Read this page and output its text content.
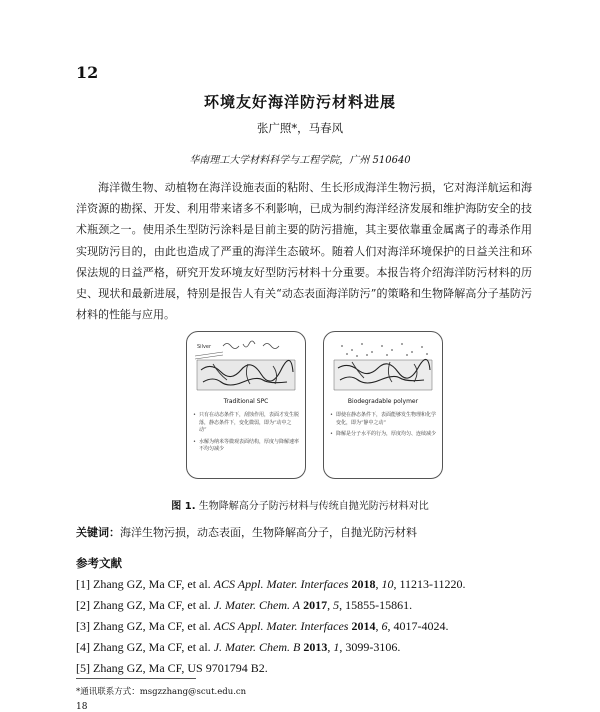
12
环境友好海洋防污材料进展
张广照*，马春风
华南理工大学材料科学与工程学院，广州 510640

海洋微生物、动植物在海洋设施表面的粘附、生长形成海洋生物污损，它对海洋航运和海洋资源的勘探、开发、利用带来诸多不利影响，已成为制约海洋经济发展和维护海防安全的技术瓶颈之一。使用杀生型防污涂料是目前主要的防污措施，其主要依靠重金属离子的毒杀作用实现防污目的，由此也造成了严重的海洋生态破坏。随着人们对海洋环境保护的日益关注和环保法规的日益严格，研究开发环境友好型防污材料十分重要。本报告将介绍海洋防污材料的历史、现状和最新进展，特别是报告人有关“动态表面海洋防污”的策略和生物降解高分子基防污材料的性能与应用。

Silver
Traditional SPC

• 只有在动态条件下，刮蚀作用，表面才发生脱落，静态条件下，变化微弱，即为“动中之动”

• 水解为纳米等微观表面结构，厚度与降解速率不均匀减少

Biodegradable polymer

• 即使在静态条件下，表面能够发生物理和化学变化，即为“静中之动”

• 降解是分子水平的行为，厚度均匀、连续减少

图 1. 生物降解高分子防污材料与传统自抛光防污材料对比
关键词：海洋生物污损，动态表面，生物降解高分子，自抛光防污材料
参考文献
[1] Zhang GZ, Ma CF, et al. ACS Appl. Mater. Interfaces 2018, 10, 11213-11220.
[2] Zhang GZ, Ma CF, et al. J. Mater. Chem. A 2017, 5, 15855-15861.
[3] Zhang GZ, Ma CF, et al. ACS Appl. Mater. Interfaces 2014, 6, 4017-4024.
[4] Zhang GZ, Ma CF, et al. J. Mater. Chem. B 2013, 1, 3099-3106.
[5] Zhang GZ, Ma CF, US 9701794 B2.
*通讯联系方式：msgzzhang@scut.edu.cn
18
